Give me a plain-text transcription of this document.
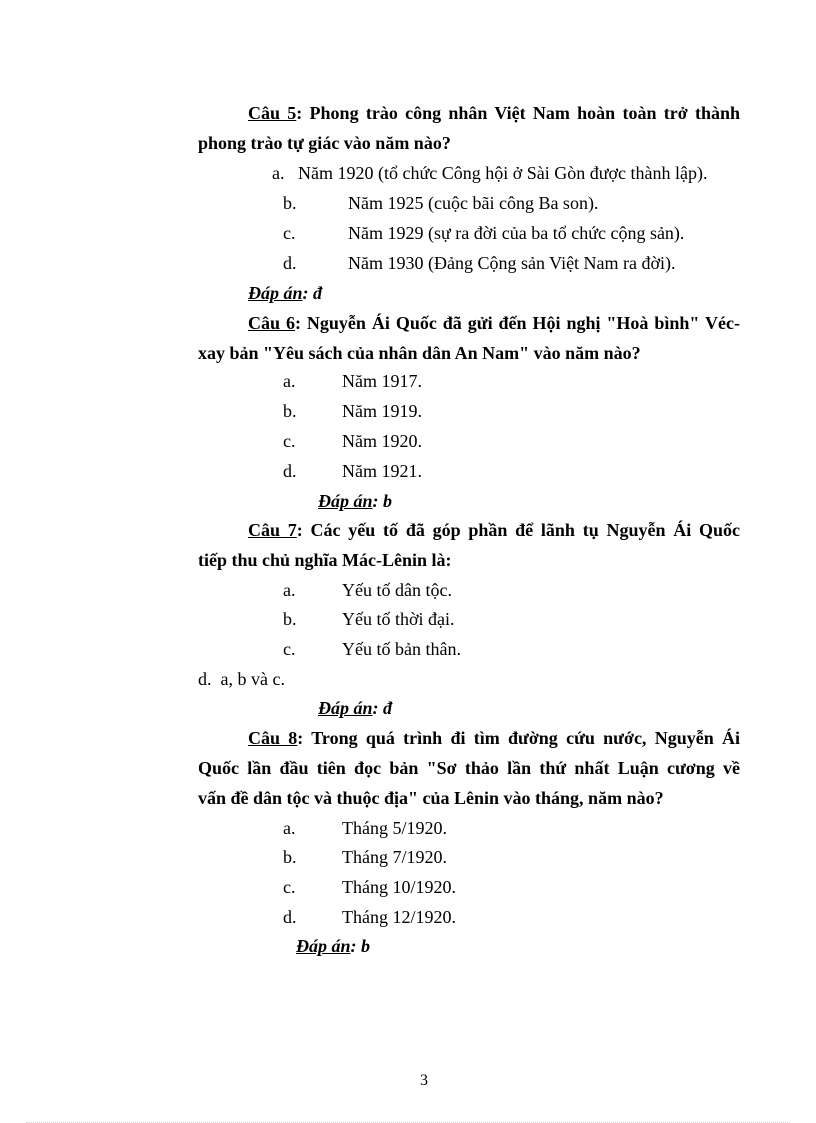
Câu 5: Phong trào công nhân Việt Nam hoàn toàn trở thành
phong trào tự giác vào năm nào?
a. Năm 1920 (tổ chức Công hội ở Sài Gòn được thành lập).
b.	Năm 1925 (cuộc bãi công Ba son).
c.	Năm 1929 (sự ra đời của ba tổ chức cộng sản).
d.	Năm 1930 (Đảng Cộng sản Việt Nam ra đời).
Đáp án: đ
Câu 6: Nguyễn Ái Quốc đã gửi đến Hội nghị "Hoà bình" Véc-
xay bản "Yêu sách của nhân dân An Nam" vào năm nào?
a.	Năm 1917.
b.	Năm 1919.
c.	Năm 1920.
d.	Năm 1921.
Đáp án: b
Câu 7: Các yếu tố đã góp phần để lãnh tụ Nguyễn Ái Quốc
tiếp thu chủ nghĩa Mác-Lênin là:
a.	Yếu tố dân tộc.
b.	Yếu tố thời đại.
c.	Yếu tố bản thân.
d. a, b và c.
Đáp án: đ
Câu 8: Trong quá trình đi tìm đường cứu nước, Nguyễn Ái
Quốc lần đầu tiên đọc bản "Sơ thảo lần thứ nhất Luận cương về
vấn đề dân tộc và thuộc địa" của Lênin vào tháng, năm nào?
a.	Tháng 5/1920.
b.	Tháng 7/1920.
c.	Tháng 10/1920.
d.	Tháng 12/1920.
Đáp án: b
3
